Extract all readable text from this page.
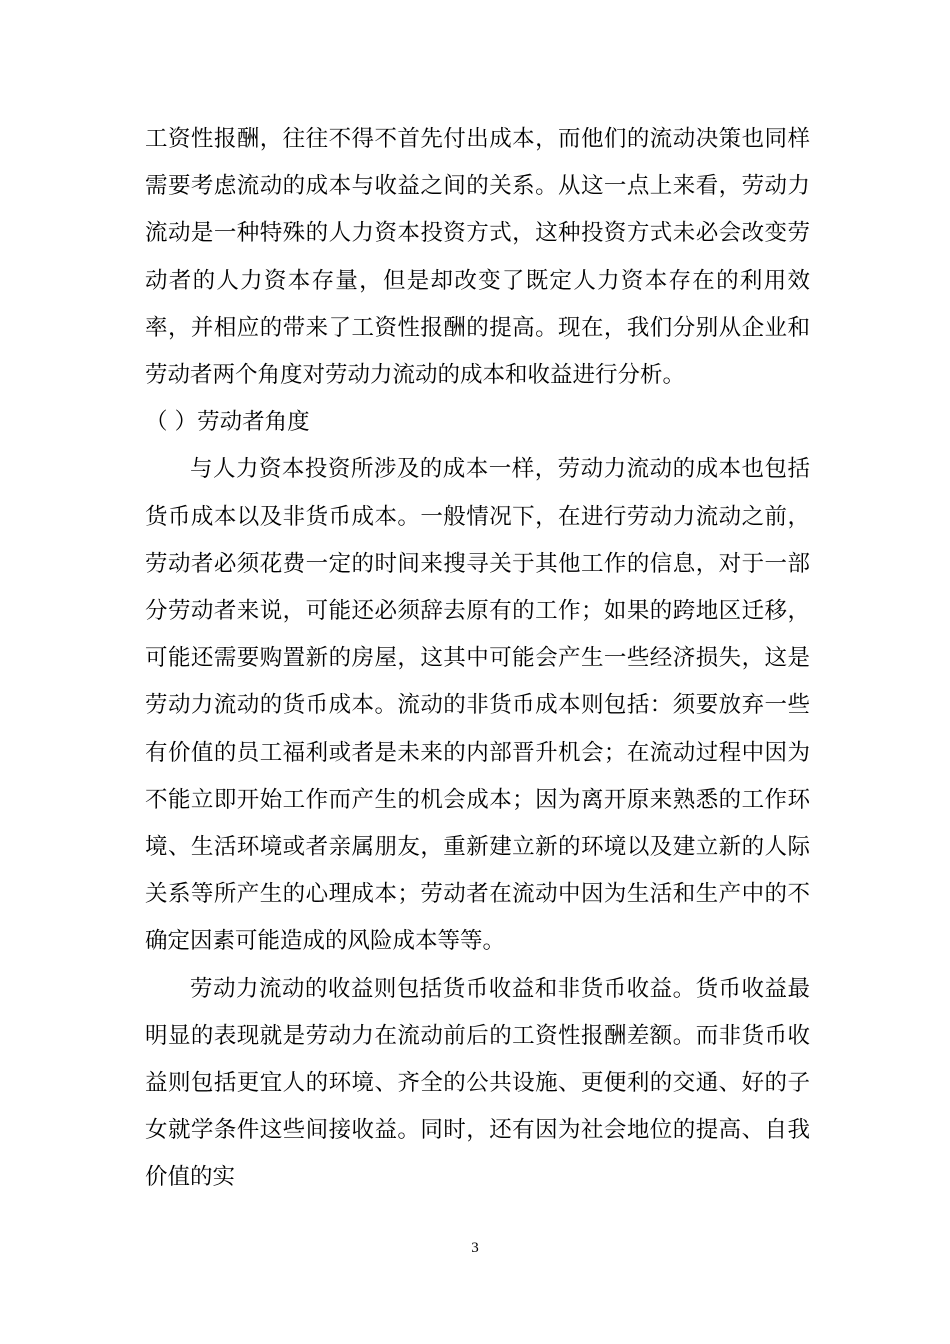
工资性报酬，往往不得不首先付出成本，而他们的流动决策也同样需要考虑流动的成本与收益之间的关系。从这一点上来看，劳动力流动是一种特殊的人力资本投资方式，这种投资方式未必会改变劳动者的人力资本存量，但是却改变了既定人力资本存在的利用效率，并相应的带来了工资性报酬的提高。现在，我们分别从企业和劳动者两个角度对劳动力流动的成本和收益进行分析。

（ ）劳动者角度

与人力资本投资所涉及的成本一样，劳动力流动的成本也包括货币成本以及非货币成本。一般情况下，在进行劳动力流动之前，劳动者必须花费一定的时间来搜寻关于其他工作的信息，对于一部分劳动者来说，可能还必须辞去原有的工作；如果的跨地区迁移，可能还需要购置新的房屋，这其中可能会产生一些经济损失，这是劳动力流动的货币成本。流动的非货币成本则包括：须要放弃一些有价值的员工福利或者是未来的内部晋升机会；在流动过程中因为不能立即开始工作而产生的机会成本；因为离开原来熟悉的工作环境、生活环境或者亲属朋友，重新建立新的环境以及建立新的人际关系等所产生的心理成本；劳动者在流动中因为生活和生产中的不确定因素可能造成的风险成本等等。

劳动力流动的收益则包括货币收益和非货币收益。货币收益最明显的表现就是劳动力在流动前后的工资性报酬差额。而非货币收益则包括更宜人的环境、齐全的公共设施、更便利的交通、好的子女就学条件这些间接收益。同时，还有因为社会地位的提高、自我价值的实

3
